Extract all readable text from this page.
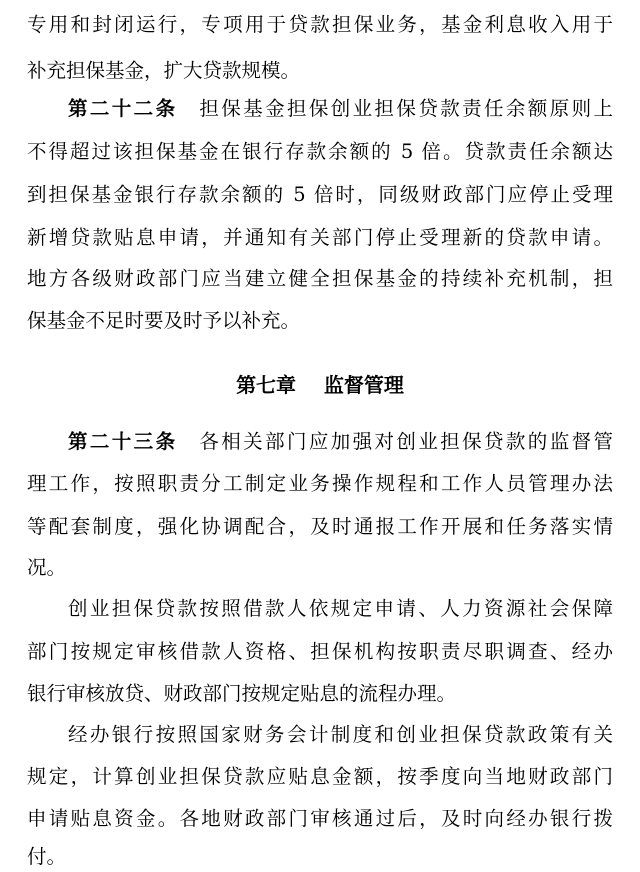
专用和封闭运行，专项用于贷款担保业务，基金利息收入用于
补充担保基金，扩大贷款规模。
第二十二条  担保基金担保创业担保贷款责任余额原则上
不得超过该担保基金在银行存款余额的 5 倍。贷款责任余额达
到担保基金银行存款余额的 5 倍时，同级财政部门应停止受理
新增贷款贴息申请，并通知有关部门停止受理新的贷款申请。
地方各级财政部门应当建立健全担保基金的持续补充机制，担
保基金不足时要及时予以补充。
第七章    监督管理
第二十三条  各相关部门应加强对创业担保贷款的监督管
理工作，按照职责分工制定业务操作规程和工作人员管理办法
等配套制度，强化协调配合，及时通报工作开展和任务落实情
况。
创业担保贷款按照借款人依规定申请、人力资源社会保障
部门按规定审核借款人资格、担保机构按职责尽职调查、经办
银行审核放贷、财政部门按规定贴息的流程办理。
经办银行按照国家财务会计制度和创业担保贷款政策有关
规定，计算创业担保贷款应贴息金额，按季度向当地财政部门
申请贴息资金。各地财政部门审核通过后，及时向经办银行拨
付。
